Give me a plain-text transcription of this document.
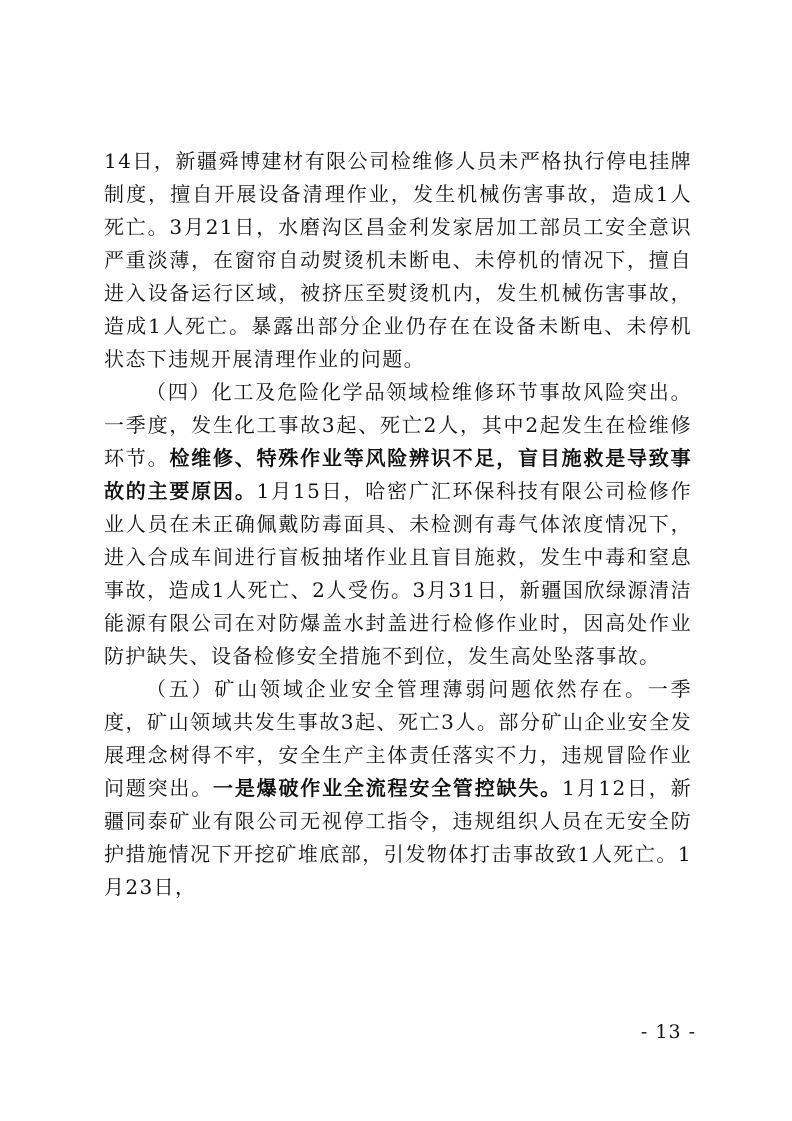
14日，新疆舜博建材有限公司检维修人员未严格执行停电挂牌制度，擅自开展设备清理作业，发生机械伤害事故，造成1人死亡。3月21日，水磨沟区昌金利发家居加工部员工安全意识严重淡薄，在窗帘自动熨烫机未断电、未停机的情况下，擅自进入设备运行区域，被挤压至熨烫机内，发生机械伤害事故，造成1人死亡。暴露出部分企业仍存在在设备未断电、未停机状态下违规开展清理作业的问题。

（四）化工及危险化学品领域检维修环节事故风险突出。一季度，发生化工事故3起、死亡2人，其中2起发生在检维修环节。检维修、特殊作业等风险辨识不足，盲目施救是导致事故的主要原因。1月15日，哈密广汇环保科技有限公司检修作业人员在未正确佩戴防毒面具、未检测有毒气体浓度情况下，进入合成车间进行盲板抽堵作业且盲目施救，发生中毒和窒息事故，造成1人死亡、2人受伤。3月31日，新疆国欣绿源清洁能源有限公司在对防爆盖水封盖进行检修作业时，因高处作业防护缺失、设备检修安全措施不到位，发生高处坠落事故。

（五）矿山领域企业安全管理薄弱问题依然存在。一季度，矿山领域共发生事故3起、死亡3人。部分矿山企业安全发展理念树得不牢，安全生产主体责任落实不力，违规冒险作业问题突出。一是爆破作业全流程安全管控缺失。1月12日，新疆同泰矿业有限公司无视停工指令，违规组织人员在无安全防护措施情况下开挖矿堆底部，引发物体打击事故致1人死亡。1月23日，

- 13 -
